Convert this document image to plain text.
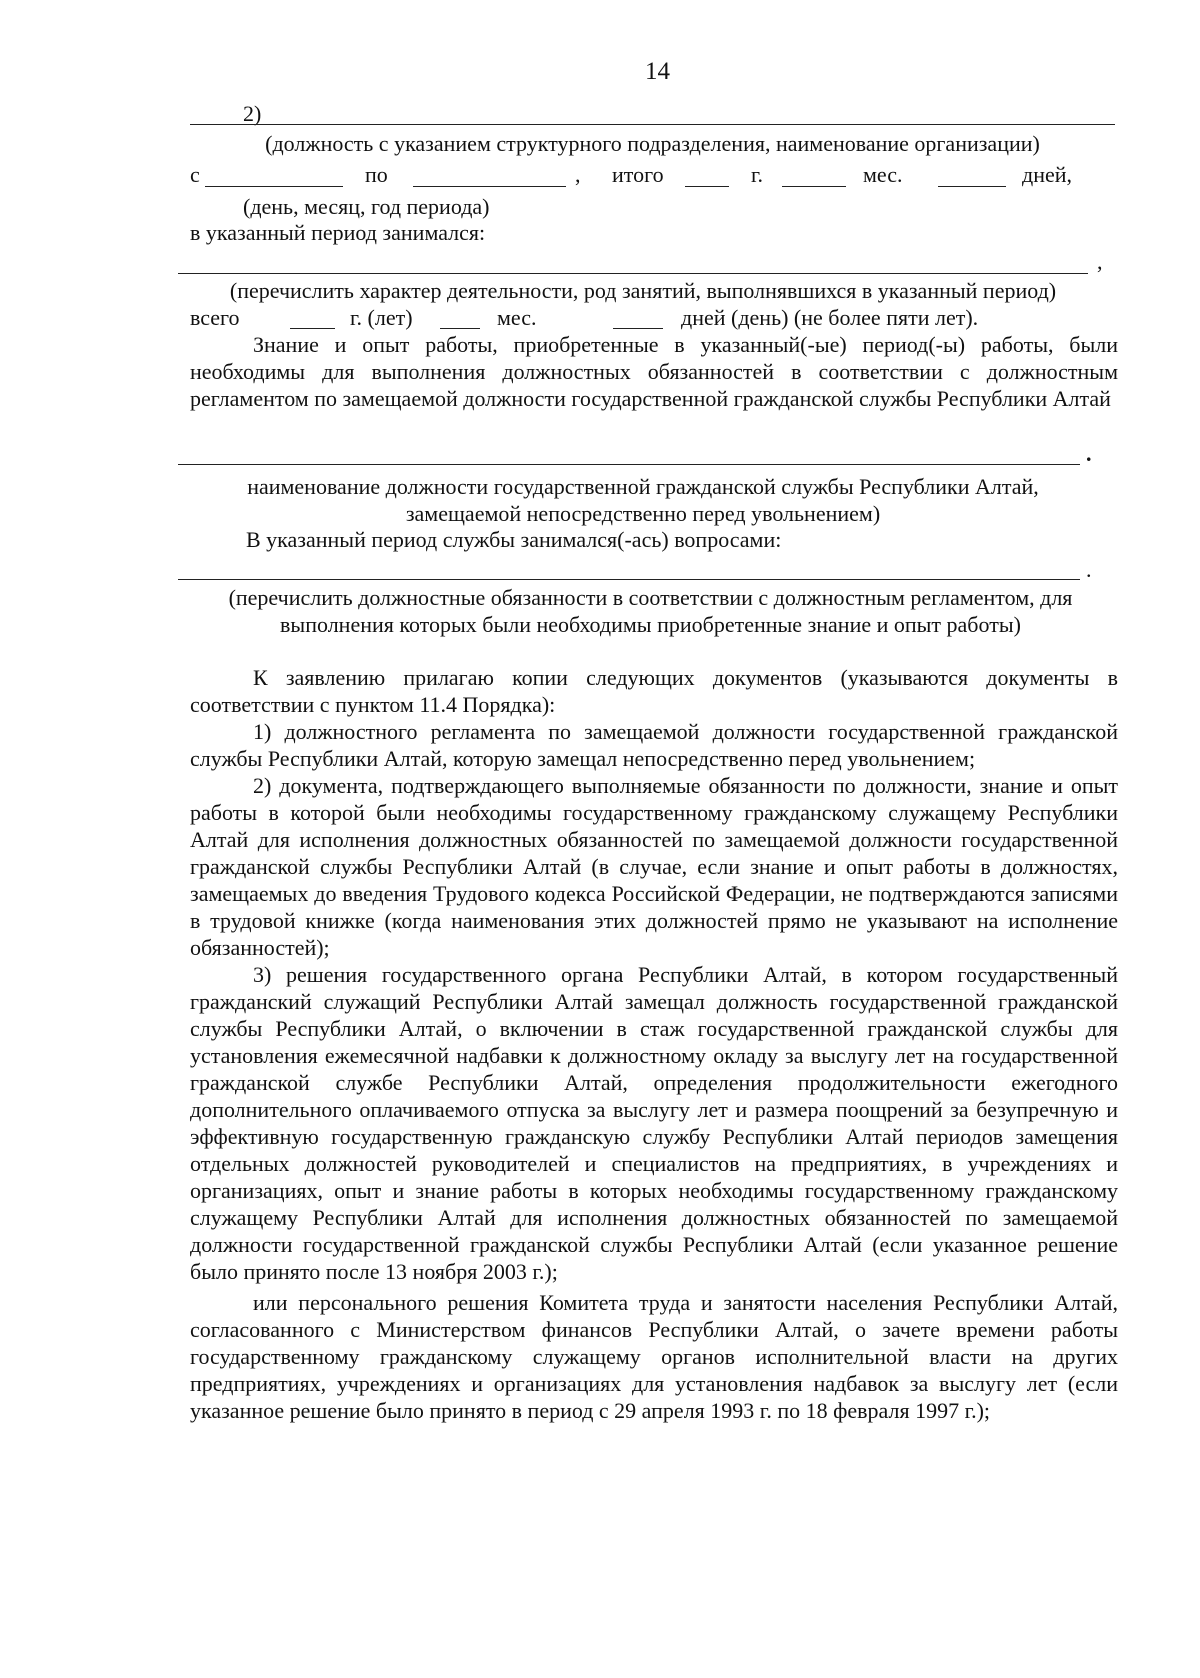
14
2)
(должность с указанием структурного подразделения, наименование организации)
с	по	, итого	г.	мес.	дней,
(день, месяц, год периода)
в указанный период занимался:
,
(перечислить характер деятельности, род занятий, выполнявшихся в указанный период)
всего	г. (лет)	мес.	дней (день) (не более пяти лет).

Знание и опыт работы, приобретенные в указанный(-ые) период(-ы) работы, были необходимы для выполнения должностных обязанностей в соответствии с должностным регламентом по замещаемой должности государственной гражданской службы Республики Алтай

.
наименование должности государственной гражданской службы Республики Алтай,
замещаемой непосредственно перед увольнением)
В указанный период службы занимался(-ась) вопросами:
.
(перечислить должностные обязанности в соответствии с должностным регламентом, для
выполнения которых были необходимы приобретенные знание и опыт работы)

К заявлению прилагаю копии следующих документов (указываются документы в соответствии с пунктом 11.4 Порядка):

1) должностного регламента по замещаемой должности государственной гражданской службы Республики Алтай, которую замещал непосредственно перед увольнением;

2) документа, подтверждающего выполняемые обязанности по должности, знание и опыт работы в которой были необходимы государственному гражданскому служащему Республики Алтай для исполнения должностных обязанностей по замещаемой должности государственной гражданской службы Республики Алтай (в случае, если знание и опыт работы в должностях, замещаемых до введения Трудового кодекса Российской Федерации, не подтверждаются записями в трудовой книжке (когда наименования этих должностей прямо не указывают на исполнение обязанностей);

3) решения государственного органа Республики Алтай, в котором государственный гражданский служащий Республики Алтай замещал должность государственной гражданской службы Республики Алтай, о включении в стаж государственной гражданской службы для установления ежемесячной надбавки к должностному окладу за выслугу лет на государственной гражданской службе Республики Алтай, определения продолжительности ежегодного дополнительного оплачиваемого отпуска за выслугу лет и размера поощрений за безупречную и эффективную государственную гражданскую службу Республики Алтай периодов замещения отдельных должностей руководителей и специалистов на предприятиях, в учреждениях и организациях, опыт и знание работы в которых необходимы государственному гражданскому служащему Республики Алтай для исполнения должностных обязанностей по замещаемой должности государственной гражданской службы Республики Алтай (если указанное решение было принято после 13 ноября 2003 г.);

или персонального решения Комитета труда и занятости населения Республики Алтай, согласованного с Министерством финансов Республики Алтай, о зачете времени работы государственному гражданскому служащему органов исполнительной власти на других предприятиях, учреждениях и организациях для установления надбавок за выслугу лет (если указанное решение было принято в период с 29 апреля 1993 г. по 18 февраля 1997 г.);
